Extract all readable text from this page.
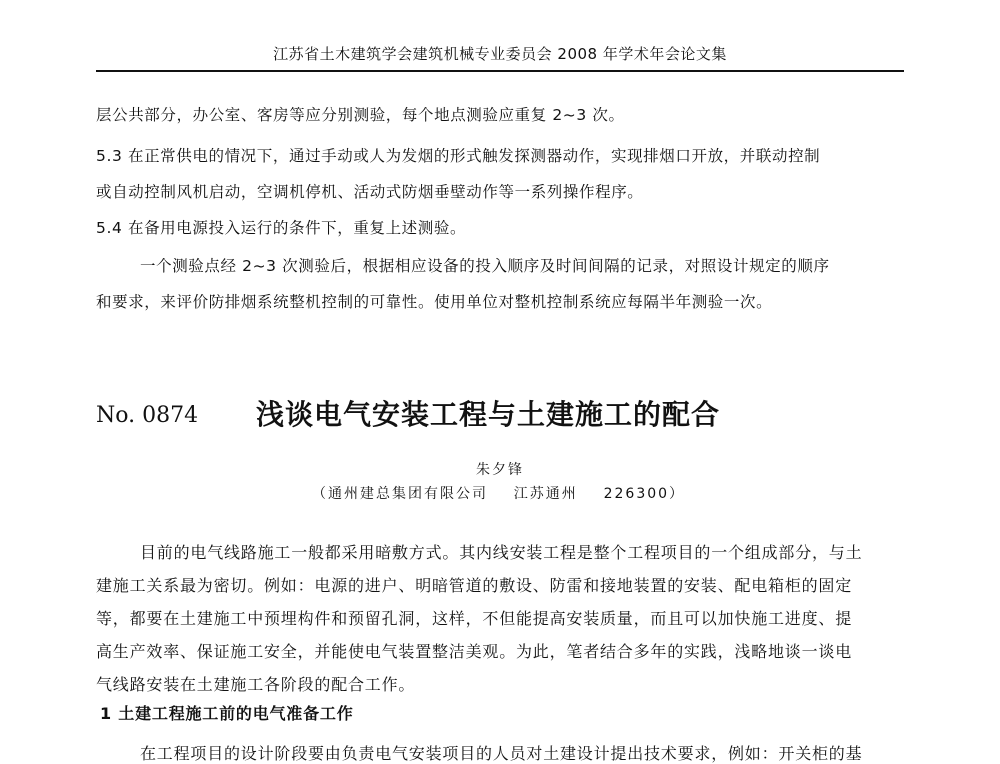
江苏省土木建筑学会建筑机械专业委员会 2008 年学术年会论文集
层公共部分，办公室、客房等应分别测验，每个地点测验应重复 2~3 次。
5.3 在正常供电的情况下，通过手动或人为发烟的形式触发探测器动作，实现排烟口开放，并联动控制
或自动控制风机启动，空调机停机、活动式防烟垂壁动作等一系列操作程序。
5.4 在备用电源投入运行的条件下，重复上述测验。
一个测验点经 2~3 次测验后，根据相应设备的投入顺序及时间间隔的记录，对照设计规定的顺序
和要求，来评价防排烟系统整机控制的可靠性。使用单位对整机控制系统应每隔半年测验一次。
No. 0874 浅谈电气安装工程与土建施工的配合
朱夕锋
（通州建总集团有限公司    江苏通州    226300）
目前的电气线路施工一般都采用暗敷方式。其内线安装工程是整个工程项目的一个组成部分，与土
建施工关系最为密切。例如：电源的进户、明暗管道的敷设、防雷和接地装置的安装、配电箱柜的固定
等，都要在土建施工中预埋构件和预留孔洞，这样，不但能提高安装质量，而且可以加快施工进度、提
高生产效率、保证施工安全，并能使电气装置整洁美观。为此，笔者结合多年的实践，浅略地谈一谈电
气线路安装在土建施工各阶段的配合工作。
1 土建工程施工前的电气准备工作
在工程项目的设计阶段要由负责电气安装项目的人员对土建设计提出技术要求，例如：开关柜的基
